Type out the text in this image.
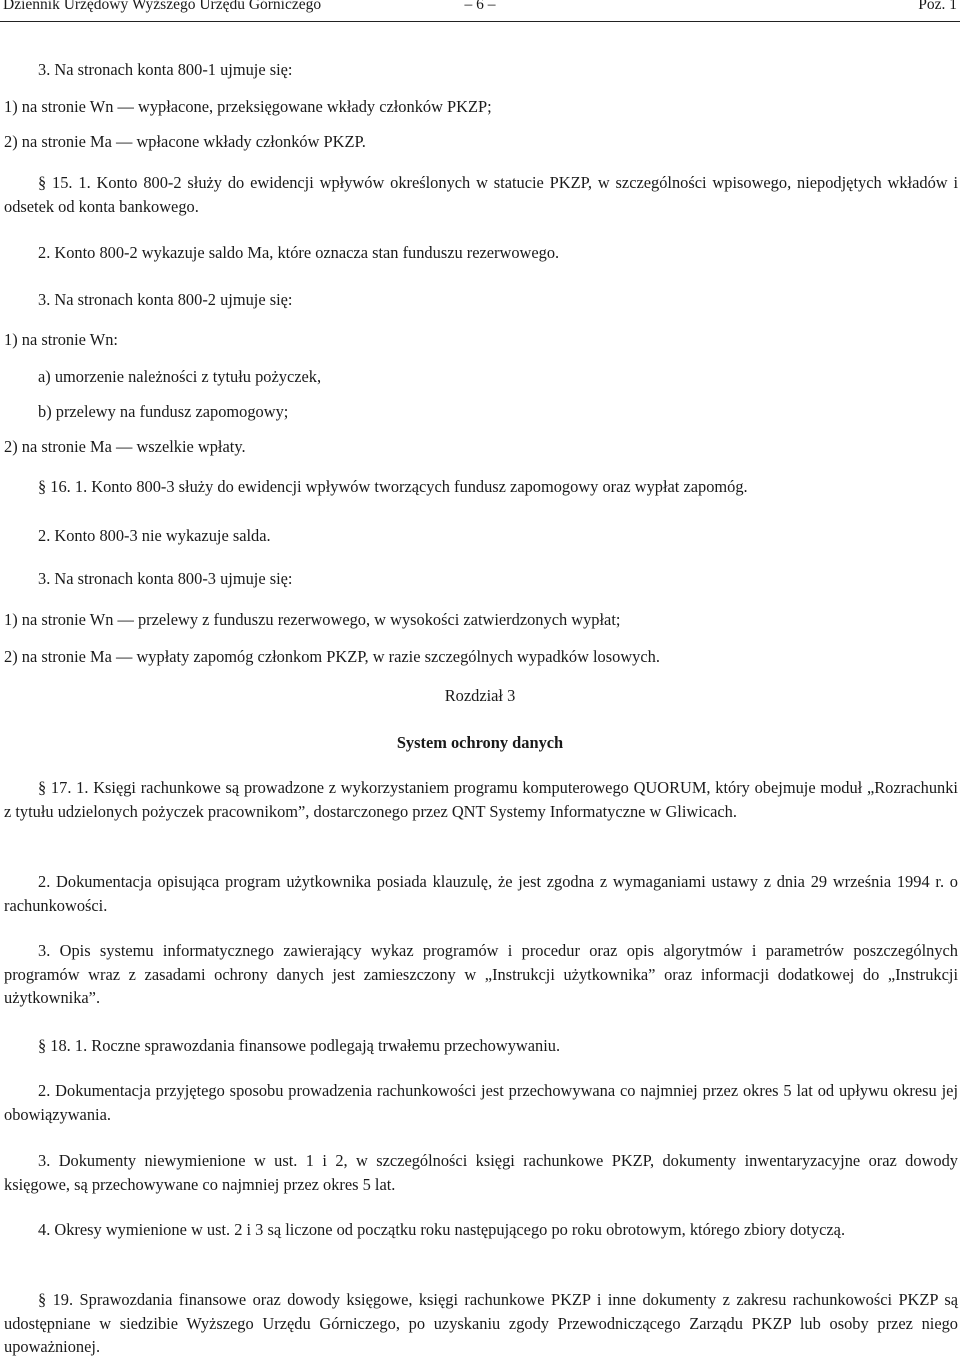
Dziennik Urzędowy Wyższego Urzędu Górniczego	– 6 –	Poz. 1

3. Na stronach konta 800-1 ujmuje się:

1) na stronie Wn — wypłacone, przeksięgowane wkłady członków PKZP;

2) na stronie Ma — wpłacone wkłady członków PKZP.

§ 15. 1. Konto 800-2 służy do ewidencji wpływów określonych w statucie PKZP, w szczególności wpisowego, niepodjętych wkładów i odsetek od konta bankowego.

2. Konto 800-2 wykazuje saldo Ma, które oznacza stan funduszu rezerwowego.

3. Na stronach konta 800-2 ujmuje się:

1) na stronie Wn:

a) umorzenie należności z tytułu pożyczek,

b) przelewy na fundusz zapomogowy;

2) na stronie Ma — wszelkie wpłaty.

§ 16. 1. Konto 800-3 służy do ewidencji wpływów tworzących fundusz zapomogowy oraz wypłat zapomóg.

2. Konto 800-3 nie wykazuje salda.

3. Na stronach konta 800-3 ujmuje się:

1) na stronie Wn — przelewy z funduszu rezerwowego, w wysokości zatwierdzonych wypłat;

2) na stronie Ma — wypłaty zapomóg członkom PKZP, w razie szczególnych wypadków losowych.

Rozdział 3

System ochrony danych

§ 17. 1. Księgi rachunkowe są prowadzone z wykorzystaniem programu komputerowego QUORUM, który obejmuje moduł „Rozrachunki z tytułu udzielonych pożyczek pracownikom”, dostarczonego przez QNT Systemy Informatyczne w Gliwicach.

2. Dokumentacja opisująca program użytkownika posiada klauzulę, że jest zgodna z wymaganiami ustawy z dnia 29 września 1994 r. o rachunkowości.

3. Opis systemu informatycznego zawierający wykaz programów i procedur oraz opis algorytmów i parametrów poszczególnych programów wraz z zasadami ochrony danych jest zamieszczony w „Instrukcji użytkownika” oraz informacji dodatkowej do „Instrukcji użytkownika”.

§ 18. 1. Roczne sprawozdania finansowe podlegają trwałemu przechowywaniu.

2. Dokumentacja przyjętego sposobu prowadzenia rachunkowości jest przechowywana co najmniej przez okres 5 lat od upływu okresu jej obowiązywania.

3. Dokumenty niewymienione w ust. 1 i 2, w szczególności księgi rachunkowe PKZP, dokumenty inwentaryzacyjne oraz dowody księgowe, są przechowywane co najmniej przez okres 5 lat.

4. Okresy wymienione w ust. 2 i 3 są liczone od początku roku następującego po roku obrotowym, którego zbiory dotyczą.

§ 19. Sprawozdania finansowe oraz dowody księgowe, księgi rachunkowe PKZP i inne dokumenty z zakresu rachunkowości PKZP są udostępniane w siedzibie Wyższego Urzędu Górniczego, po uzyskaniu zgody Przewodniczącego Zarządu PKZP lub osoby przez niego upoważnionej.
